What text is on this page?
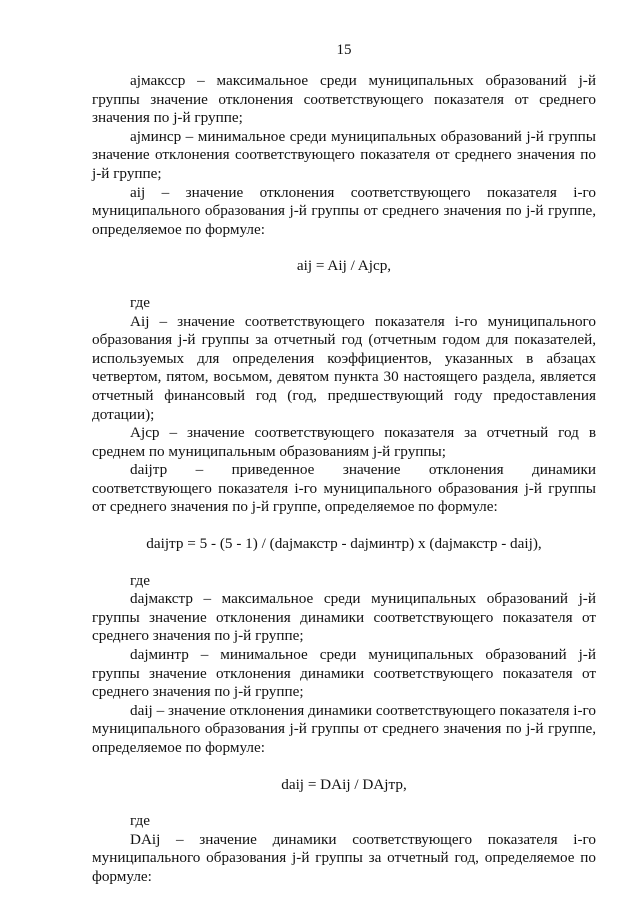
15

ajмаксср – максимальное среди муниципальных образований j-й группы значение отклонения соответствующего показателя от среднего значения по j-й группе;

ajминср – минимальное среди муниципальных образований j-й группы значение отклонения соответствующего показателя от среднего значения по j-й группе;

aij – значение отклонения соответствующего показателя i-го муниципального образования j-й группы от среднего значения по j-й группе, определяемое по формуле:

aij = Aij / Ajср,

где

Aij – значение соответствующего показателя i-го муниципального образования j-й группы за отчетный год (отчетным годом для показателей, используемых для определения коэффициентов, указанных в абзацах четвертом, пятом, восьмом, девятом пункта 30 настоящего раздела, является отчетный финансовый год (год, предшествующий году предоставления дотации);

Ajср – значение соответствующего показателя за отчетный год в среднем по муниципальным образованиям j-й группы;

daijтр – приведенное значение отклонения динамики соответствующего показателя i-го муниципального образования j-й группы от среднего значения по j-й группе, определяемое по формуле:

daijтр = 5 - (5 - 1) / (dajмакстр - dajминтр) x (dajмакстр - daij),

где

dajмакстр – максимальное среди муниципальных образований j-й группы значение отклонения динамики соответствующего показателя от среднего значения по j-й группе;

dajминтр – минимальное среди муниципальных образований j-й группы значение отклонения динамики соответствующего показателя от среднего значения по j-й группе;

daij – значение отклонения динамики соответствующего показателя i-го муниципального образования j-й группы от среднего значения по j-й группе, определяемое по формуле:

daij = DAij / DAjтр,

где

DAij – значение динамики соответствующего показателя i-го муниципального образования j-й группы за отчетный год, определяемое по формуле:
